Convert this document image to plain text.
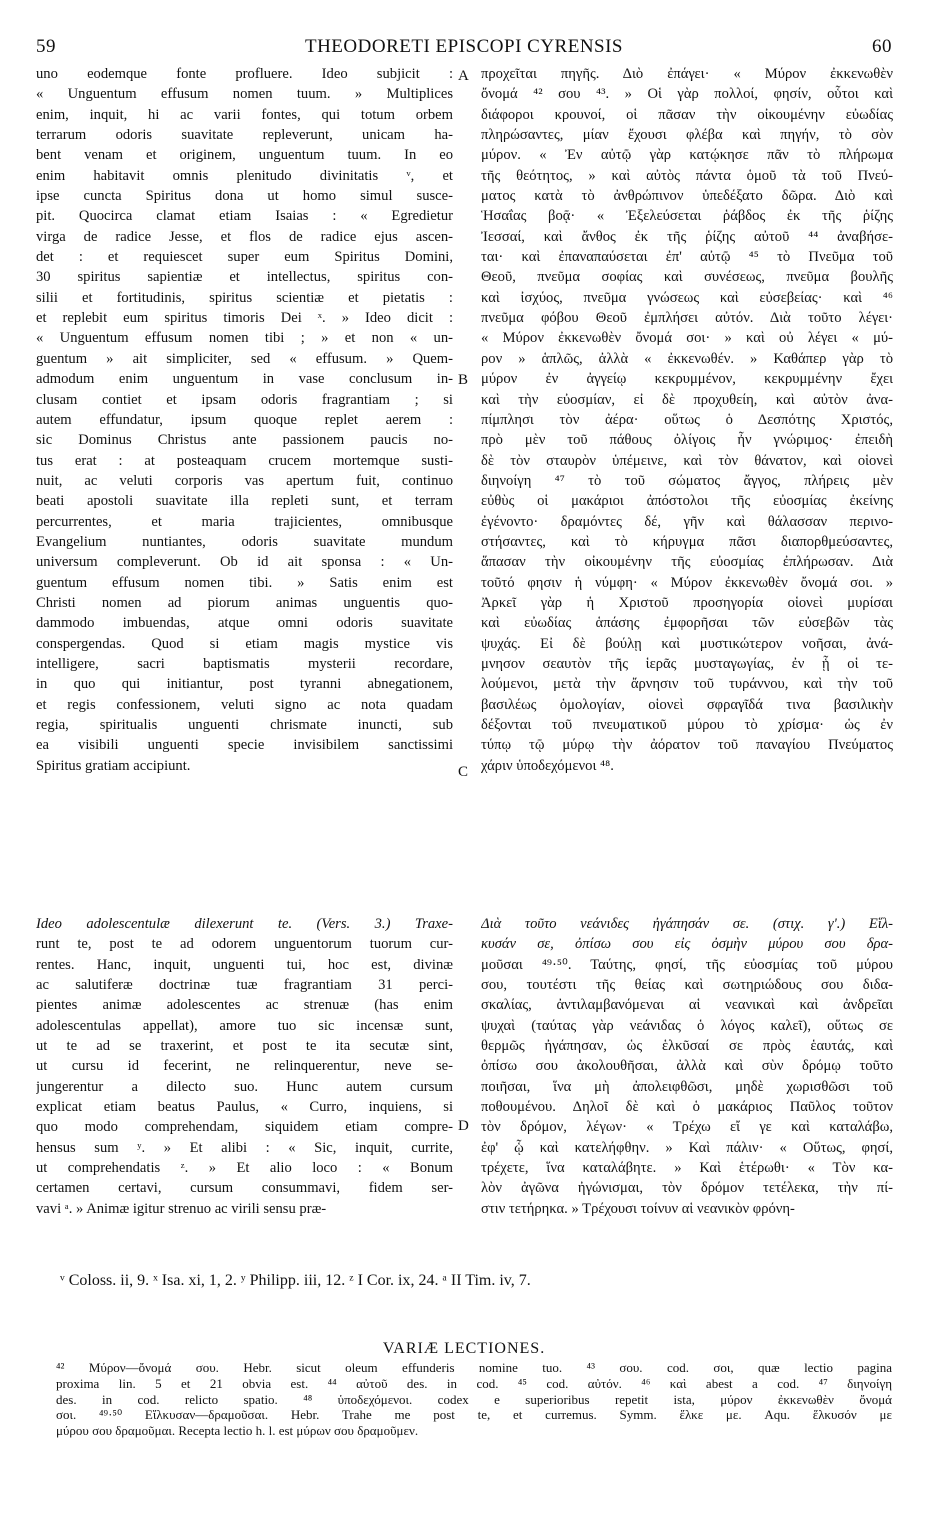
59	THEODORETI EPISCOPI CYRENSIS	60
uno eodemque fonte profluere. Ideo subjicit :
« Unguentum effusum nomen tuum. » Multiplices
enim, inquit, hi ac varii fontes, qui totum orbem
terrarum odoris suavitate repleverunt, unicam ha-
bent venam et originem, unguentum tuum. In eo
enim habitavit omnis plenitudo divinitatis ᵛ, et
ipse cuncta Spiritus dona ut homo simul susce-
pit. Quocirca clamat etiam Isaias : « Egredietur
virga de radice Jesse, et flos de radice ejus ascen-
det : et requiescet super eum Spiritus Domini,
30 spiritus sapientiæ et intellectus, spiritus con-
silii et fortitudinis, spiritus scientiæ et pietatis :
et replebit eum spiritus timoris Dei ˣ. » Ideo dicit :
« Unguentum effusum nomen tibi ; » et non « un-
guentum » ait simpliciter, sed « effusum. » Quem-
admodum enim unguentum in vase conclusum in-
clusam contiet et ipsam odoris fragrantiam ; si
autem effundatur, ipsum quoque replet aerem :
sic Dominus Christus ante passionem paucis no-
tus erat : at posteaquam crucem mortemque susti-
nuit, ac veluti corporis vas apertum fuit, continuo
beati apostoli suavitate illa repleti sunt, et terram
percurrentes, et maria trajicientes, omnibusque
Evangelium nuntiantes, odoris suavitate mundum
universum compleverunt. Ob id ait sponsa : « Un-
guentum effusum nomen tibi. » Satis enim est
Christi nomen ad piorum animas unguentis quo-
dammodo imbuendas, atque omni odoris suavitate
conspergendas. Quod si etiam magis mystice vis
intelligere, sacri baptismatis mysterii recordare,
in quo qui initiantur, post tyranni abnegationem,
et regis confessionem, veluti signo ac nota quadam
regia, spiritualis unguenti chrismate inuncti, sub
ea visibili unguenti specie invisibilem sanctissimi
Spiritus gratiam accipiunt.
προχεῖται πηγῆς. Διὸ ἐπάγει· « Μύρον ἐκκενωθὲν
ὄνομά ⁴² σου ⁴³. » Οἱ γὰρ πολλοί, φησίν, οὗτοι καὶ
διάφοροι κρουνοί, οἱ πᾶσαν τὴν οἰκουμένην εὐωδίας
πληρώσαντες, μίαν ἔχουσι φλέβα καὶ πηγήν, τὸ σὸν
μύρον. « Ἐν αὐτῷ γὰρ κατῴκησε πᾶν τὸ πλήρωμα
τῆς θεότητος, » καὶ αὐτὸς πάντα ὁμοῦ τὰ τοῦ Πνεύ-
ματος κατὰ τὸ ἀνθρώπινον ὑπεδέξατο δῶρα. Διὸ καὶ
Ἡσαΐας βοᾷ· « Ἐξελεύσεται ῥάβδος ἐκ τῆς ῥίζης
Ἰεσσαί, καὶ ἄνθος ἐκ τῆς ῥίζης αὐτοῦ ⁴⁴ ἀναβήσε-
ται· καὶ ἐπαναπαύσεται ἐπ' αὐτῷ ⁴⁵ τὸ Πνεῦμα τοῦ
Θεοῦ, πνεῦμα σοφίας καὶ συνέσεως, πνεῦμα βουλῆς
καὶ ἰσχύος, πνεῦμα γνώσεως καὶ εὐσεβείας· καὶ ⁴⁶
πνεῦμα φόβου Θεοῦ ἐμπλήσει αὐτόν. Διὰ τοῦτο λέγει·
« Μύρον ἐκκενωθὲν ὄνομά σοι· » καὶ οὐ λέγει « μύ-
ρον » ἁπλῶς, ἀλλὰ « ἐκκενωθέν. » Καθάπερ γὰρ τὸ
μύρον ἐν ἀγγείῳ κεκρυμμένον, κεκρυμμένην ἔχει
καὶ τὴν εὐοσμίαν, εἰ δὲ προχυθείη, καὶ αὐτὸν ἀνα-
πίμπλησι τὸν ἀέρα· οὕτως ὁ Δεσπότης Χριστός,
πρὸ μὲν τοῦ πάθους ὀλίγοις ἦν γνώριμος· ἐπειδὴ
δὲ τὸν σταυρὸν ὑπέμεινε, καὶ τὸν θάνατον, καὶ οἱονεὶ
διηνοίγη ⁴⁷ τὸ τοῦ σώματος ἄγγος, πλήρεις μὲν
εὐθὺς οἱ μακάριοι ἀπόστολοι τῆς εὐοσμίας ἐκείνης
ἐγένοντο· δραμόντες δέ, γῆν καὶ θάλασσαν περινο-
στήσαντες, καὶ τὸ κήρυγμα πᾶσι διαπορθμεύσαντες,
ἅπασαν τὴν οἰκουμένην τῆς εὐοσμίας ἐπλήρωσαν. Διὰ
τοῦτό φησιν ἡ νύμφη· « Μύρον ἐκκενωθὲν ὄνομά σοι. »
Ἀρκεῖ γὰρ ἡ Χριστοῦ προσηγορία οἱονεὶ μυρίσαι
καὶ εὐωδίας ἁπάσης ἐμφορῆσαι τῶν εὐσεβῶν τὰς
ψυχάς. Εἰ δὲ βούλῃ καὶ μυστικώτερον νοῆσαι, ἀνά-
μνησον σεαυτὸν τῆς ἱερᾶς μυσταγωγίας, ἐν ᾗ οἱ τε-
λούμενοι, μετὰ τὴν ἄρνησιν τοῦ τυράννου, καὶ τὴν τοῦ
βασιλέως ὁμολογίαν, οἱονεὶ σφραγῖδά τινα βασιλικὴν
δέξονται τοῦ πνευματικοῦ μύρου τὸ χρίσμα· ὡς ἐν
τύπῳ τῷ μύρῳ τὴν ἀόρατον τοῦ παναγίου Πνεύματος
χάριν ὑποδεχόμενοι ⁴⁸.
Ideo adolescentulæ dilexerunt te. (Vers. 3.) Traxe-
runt te, post te ad odorem unguentorum tuorum cur-
rentes. Hanc, inquit, unguenti tui, hoc est, divinæ
ac salutiferæ doctrinæ tuæ fragrantiam 31 perci-
pientes animæ adolescentes ac strenuæ (has enim
adolescentulas appellat), amore tuo sic incensæ sunt,
ut te ad se traxerint, et post te ita secutæ sint,
ut cursu id fecerint, ne relinquerentur, neve se-
jungerentur a dilecto suo. Hunc autem cursum
explicat etiam beatus Paulus, « Curro, inquiens, si
quo modo comprehendam, siquidem etiam compre-
hensus sum ʸ. » Et alibi : « Sic, inquit, currite,
ut comprehendatis ᶻ. » Et alio loco : « Bonum
certamen certavi, cursum consummavi, fidem ser-
vavi ᵃ. » Animæ igitur strenuo ac virili sensu præ-
Διὰ τοῦτο νεάνιδες ἠγάπησάν σε. (στιχ. γ'.) Εἵλ-
κυσάν σε, ὀπίσω σου εἰς ὀσμὴν μύρου σου δρα-
μοῦσαι ⁴⁹·⁵⁰. Ταύτης, φησί, τῆς εὐοσμίας τοῦ μύρου
σου, τουτέστι τῆς θείας καὶ σωτηριώδους σου διδα-
σκαλίας, ἀντιλαμβανόμεναι αἱ νεανικαὶ καὶ ἀνδρεῖαι
ψυχαὶ (ταύτας γὰρ νεάνιδας ὁ λόγος καλεῖ), οὕτως σε
θερμῶς ἠγάπησαν, ὡς ἑλκῦσαί σε πρὸς ἑαυτάς, καὶ
ὀπίσω σου ἀκολουθῆσαι, ἀλλὰ καὶ σὺν δρόμῳ τοῦτο
ποιῆσαι, ἵνα μὴ ἀπολειφθῶσι, μηδὲ χωρισθῶσι τοῦ
ποθουμένου. Δηλοῖ δὲ καὶ ὁ μακάριος Παῦλος τοῦτον
τὸν δρόμον, λέγων· « Τρέχω εἴ γε καὶ καταλάβω,
ἐφ' ᾧ καὶ κατελήφθην. » Καὶ πάλιν· « Οὕτως, φησί,
τρέχετε, ἵνα καταλάβητε. » Καὶ ἑτέρωθι· « Τὸν κα-
λὸν ἀγῶνα ἠγώνισμαι, τὸν δρόμον τετέλεκα, τὴν πί-
στιν τετήρηκα. » Τρέχουσι τοίνυν αἱ νεανικὸν φρόνη-
A
B
C
D
ᵛ Coloss. ii, 9. ˣ Isa. xi, 1, 2. ʸ Philipp. iii, 12. ᶻ I Cor. ix, 24. ᵃ II Tim. iv, 7.
VARIÆ LECTIONES.
⁴² Μύρον—ὄνομά σου. Hebr. sicut oleum effunderis nomine tuo. ⁴³ σου. cod. σοι, quæ lectio pagina
proxima lin. 5 et 21 obvia est. ⁴⁴ αὐτοῦ des. in cod. ⁴⁵ cod. αὐτόν. ⁴⁶ καὶ abest a cod. ⁴⁷ διηνοίγη
des. in cod. relicto spatio. ⁴⁸ ὑποδεχόμενοι. codex e superioribus repetit ista, μύρον ἐκκενωθὲν ὄνομά
σοι. ⁴⁹·⁵⁰ Εἵλκυσαν—δραμοῦσαι. Hebr. Trahe me post te, et curremus. Symm. ἕλκε με. Aqu. ἕλκυσόν με
μύρου σου δραμοῦμαι. Recepta lectio h. l. est μύρων σου δραμοῦμεν.
